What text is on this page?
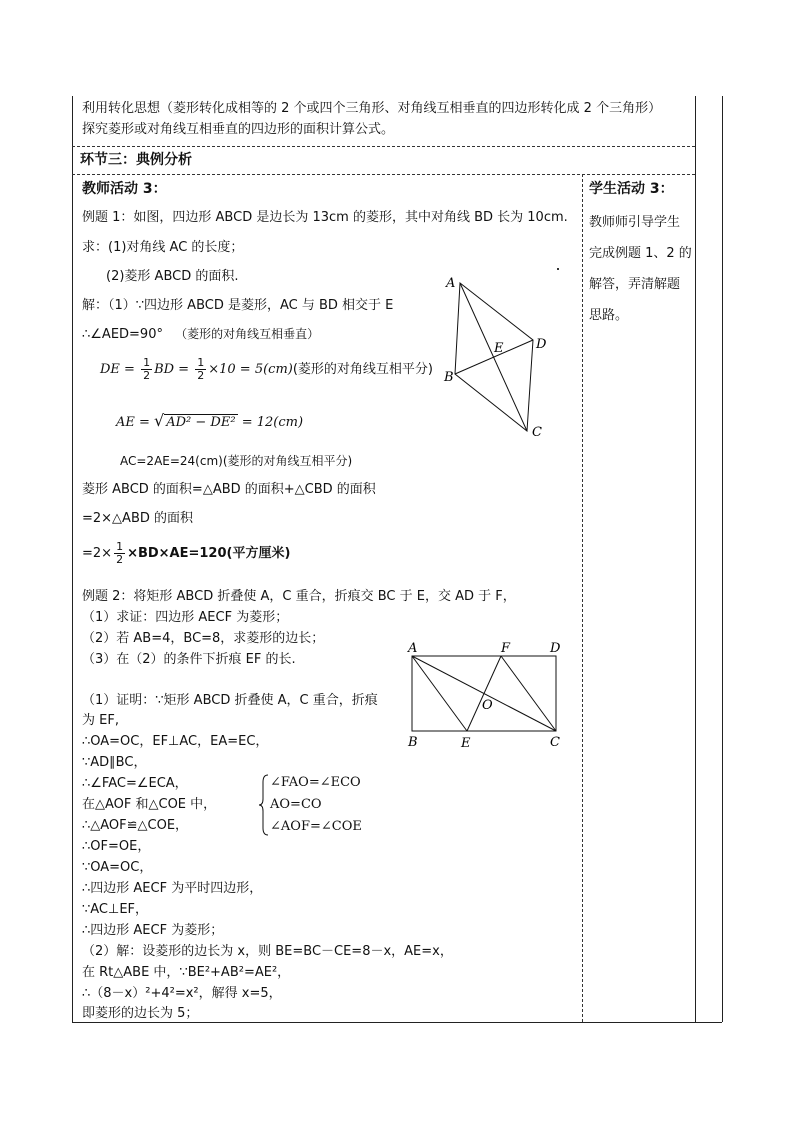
利用转化思想（菱形转化成相等的 2 个或四个三角形、对角线互相垂直的四边形转化成 2 个三角形）
探究菱形或对角线互相垂直的四边形的面积计算公式。
环节三：典例分析
教师活动 3：
例题 1：如图，四边形 ABCD 是边长为 13cm 的菱形，其中对角线 BD 长为 10cm.
求：(1)对角线 AC 的长度；
(2)菱形 ABCD 的面积.
解：（1）∵四边形 ABCD 是菱形，AC 与 BD 相交于 E
∴∠AED=90° （菱形的对角线互相垂直）
DE = $\frac{1}{2}$ BD = $\frac{1}{2} \times 10 = 5(cm)$(菱形的对角线互相平分)
AE = √ AD² − DE² = 12(cm)
AC=2AE=24(cm)(菱形的对角线互相平分)
菱形 ABCD 的面积=△ABD 的面积+△CBD 的面积
=2×△ABD 的面积
$=2\times \frac{1}{2} \times BD\times AE=120$(平方厘米)
A
B
C
D
E
例题 2：将矩形 ABCD 折叠使 A，C 重合，折痕交 BC 于 E，交 AD 于 F，
（1）求证：四边形 AECF 为菱形；
（2）若 AB=4，BC=8，求菱形的边长；
（3）在（2）的条件下折痕 EF 的长.
A	F	D
B	E	C
O
（1）证明：∵矩形 ABCD 折叠使 A，C 重合，折痕
为 EF,
∴OA=OC，EF⊥AC，EA=EC，
∵AD∥BC，
∴∠FAC=∠ECA，
在△AOF 和△COE 中，
∴△AOF≌△COE，
∴OF=OE，
∵OA=OC，
∴四边形 AECF 为平时四边形，
∵AC⊥EF，
∴四边形 AECF 为菱形；
（2）解：设菱形的边长为 x，则 BE=BC－CE=8－x，AE=x，
在 Rt△ABE 中，∵BE²+AB²=AE²，
∴（8－x）²+4²=x²，解得 x=5，
即菱形的边长为 5；
∠FAO=∠ECO
AO=CO
∠AOF=∠COE
学生活动 3：
教师师引导学生
完成例题 1、2 的
解答，弄清解题
思路。
